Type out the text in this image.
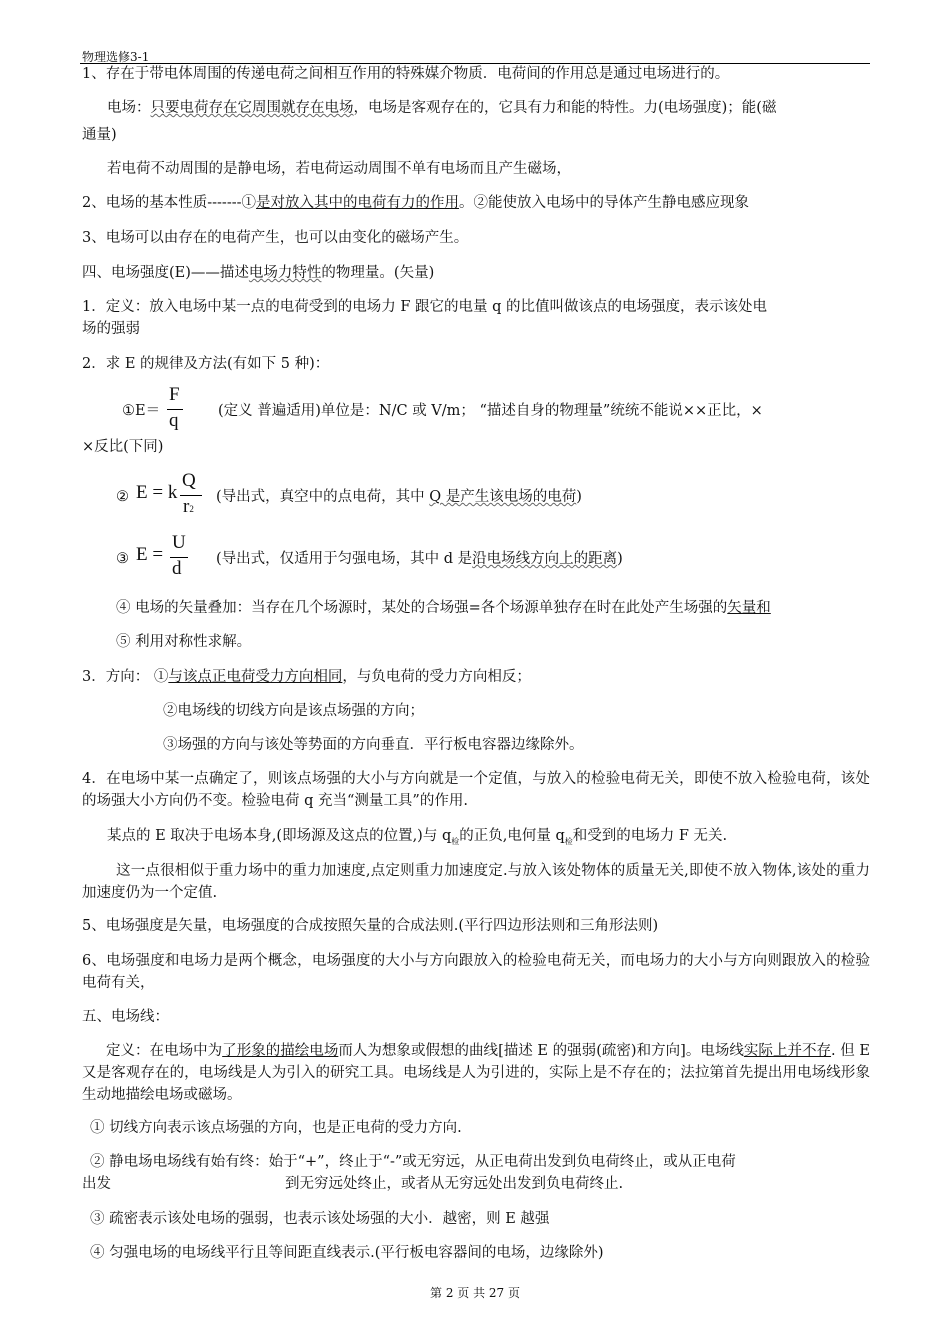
物理选修3-1
1、存在于带电体周围的传递电荷之间相互作用的特殊媒介物质．电荷间的作用总是通过电场进行的。
电场：只要电荷存在它周围就存在电场，电场是客观存在的，它具有力和能的特性。力(电场强度)；能(磁
通量)
若电荷不动周围的是静电场，若电荷运动周围不单有电场而且产生磁场，
2、电场的基本性质-------①是对放入其中的电荷有力的作用。②能使放入电场中的导体产生静电感应现象
3、电场可以由存在的电荷产生，也可以由变化的磁场产生。
四、电场强度(E)——描述电场力特性的物理量。(矢量)
1．定义：放入电场中某一点的电荷受到的电场力 F 跟它的电量 q 的比值叫做该点的电场强度，表示该处电
场的强弱
2．求 E 的规律及方法(有如下 5 种)：
①E＝
F
q	(定义 普遍适用)单位是：N/C 或 V/m； “描述自身的物理量”统统不能说××正比，×
×反比(下同)
② E = k
Q
r2
(导出式，真空中的点电荷，其中 Q 是产生该电场的电荷)
③ E =
U
d (导出式，仅适用于匀强电场，其中 d 是沿电场线方向上的距离)
④ 电场的矢量叠加：当存在几个场源时，某处的合场强=各个场源单独存在时在此处产生场强的矢量和
⑤ 利用对称性求解。
3．方向： ①与该点正电荷受力方向相同，与负电荷的受力方向相反；
②电场线的切线方向是该点场强的方向；
③场强的方向与该处等势面的方向垂直．平行板电容器边缘除外。
4．在电场中某一点确定了，则该点场强的大小与方向就是一个定值，与放入的检验电荷无关，即使不放入检验电荷，该处的场强大小方向仍不变。检验电荷 q 充当“测量工具”的作用.
某点的 E 取决于电场本身,(即场源及这点的位置,)与 $q_检$的正负,电何量 $q_检$和受到的电场力 F 无关.
这一点很相似于重力场中的重力加速度,点定则重力加速度定.与放入该处物体的质量无关,即使不放入物体,该处的重力加速度仍为一个定值.
5、电场强度是矢量，电场强度的合成按照矢量的合成法则.(平行四边形法则和三角形法则)
6、电场强度和电场力是两个概念，电场强度的大小与方向跟放入的检验电荷无关，而电场力的大小与方向则跟放入的检验电荷有关，
五、电场线：
定义：在电场中为了形象的描绘电场而人为想象或假想的曲线[描述 E 的强弱(疏密)和方向]。电场线实际上并不存. 但 E 又是客观存在的，电场线是人为引入的研究工具。电场线是人为引进的，实际上是不存在的；法拉第首先提出用电场线形象生动地描绘电场或磁场。
① 切线方向表示该点场强的方向，也是正电荷的受力方向.
② 静电场电场线有始有终：始于“+”，终止于“-”或无穷远，从正电荷出发到负电荷终止，或从正电荷
出发	到无穷远处终止，或者从无穷远处出发到负电荷终止.
③ 疏密表示该处电场的强弱，也表示该处场强的大小．越密，则 E 越强
④ 匀强电场的电场线平行且等间距直线表示.(平行板电容器间的电场，边缘除外)
第 2 页 共 27 页
